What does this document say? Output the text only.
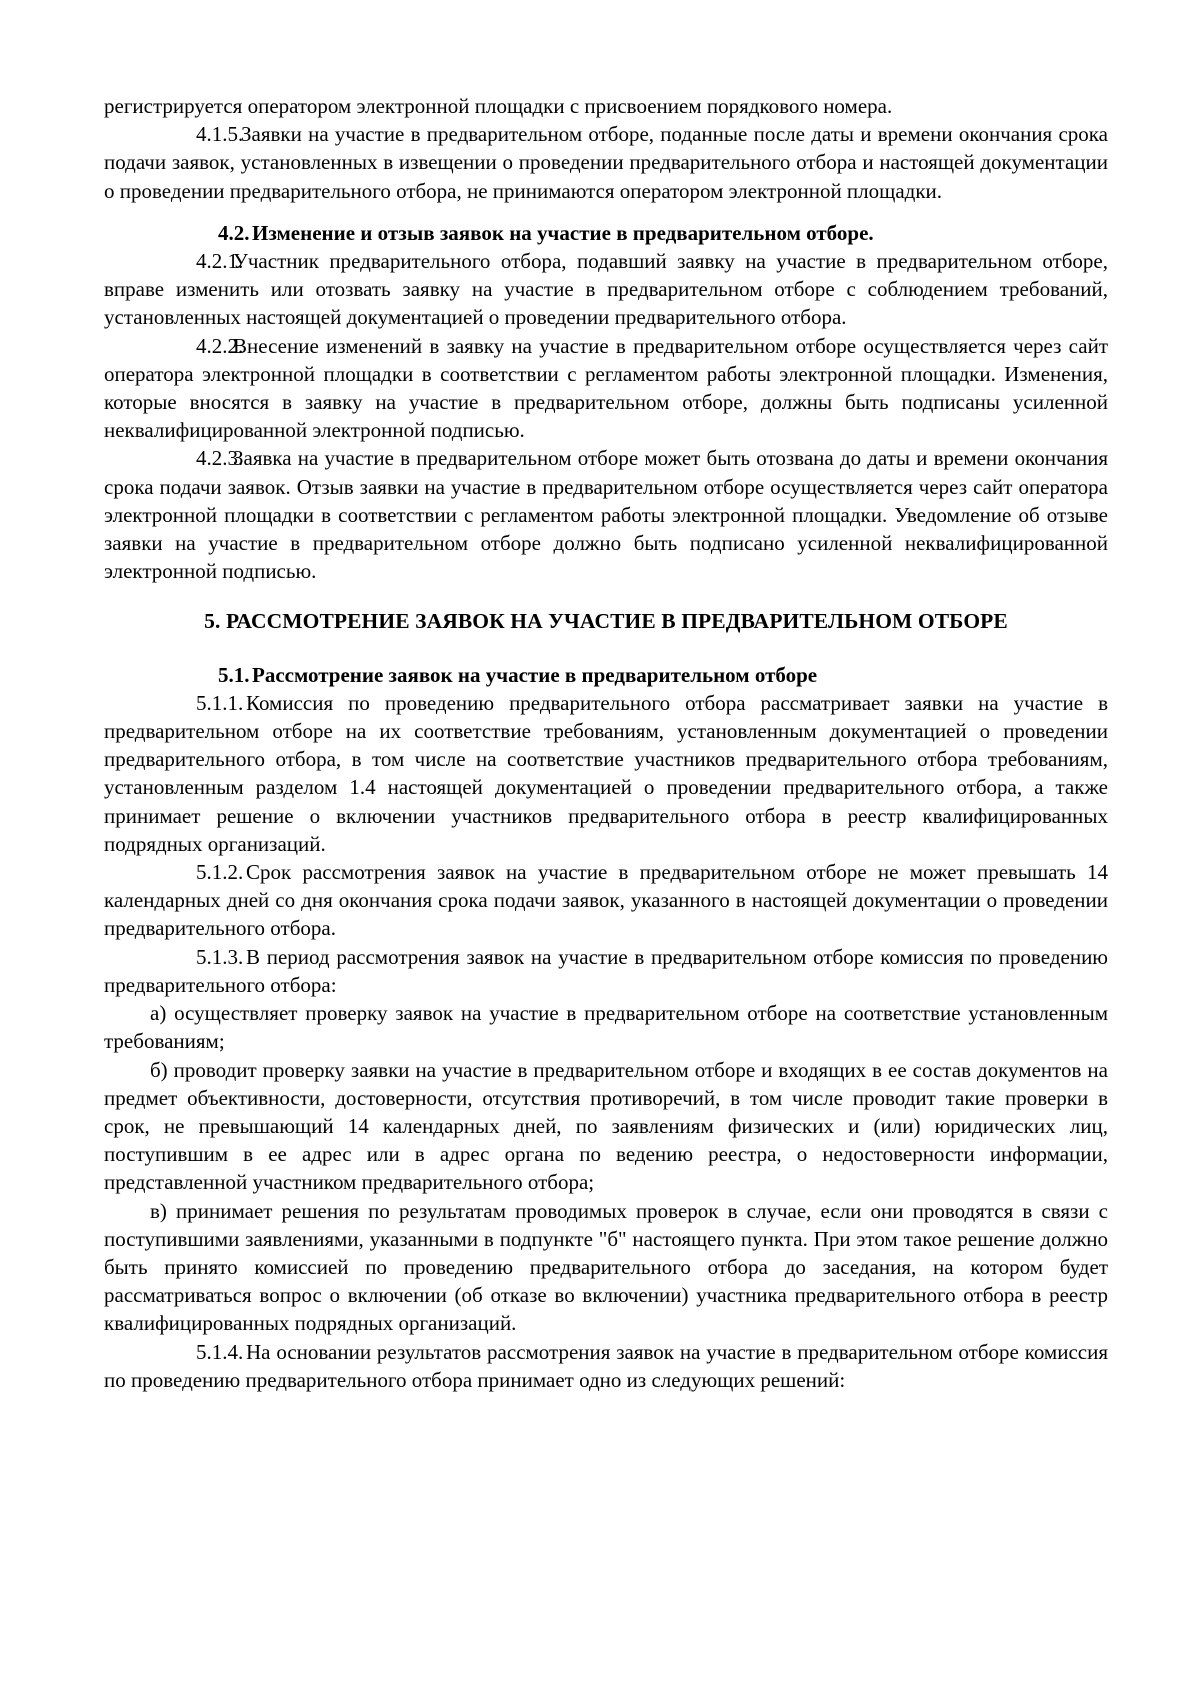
регистрируется оператором электронной площадки с присвоением порядкового номера.

4.1.5.Заявки на участие в предварительном отборе, поданные после даты и времени окончания срока подачи заявок, установленных в извещении о проведении предварительного отбора и настоящей документации о проведении предварительного отбора, не принимаются оператором электронной площадки.

4.2. Изменение и отзыв заявок на участие в предварительном отборе.

4.2.1.Участник предварительного отбора, подавший заявку на участие в предварительном отборе, вправе изменить или отозвать заявку на участие в предварительном отборе с соблюдением требований, установленных настоящей документацией о проведении предварительного отбора.

4.2.2.Внесение изменений в заявку на участие в предварительном отборе осуществляется через сайт оператора электронной площадки в соответствии с регламентом работы электронной площадки. Изменения, которые вносятся в заявку на участие в предварительном отборе, должны быть подписаны усиленной неквалифицированной электронной подписью.

4.2.3.Заявка на участие в предварительном отборе может быть отозвана до даты и времени окончания срока подачи заявок. Отзыв заявки на участие в предварительном отборе осуществляется через сайт оператора электронной площадки в соответствии с регламентом работы электронной площадки. Уведомление об отзыве заявки на участие в предварительном отборе должно быть подписано усиленной неквалифицированной электронной подписью.

5. РАССМОТРЕНИЕ ЗАЯВОК НА УЧАСТИЕ В ПРЕДВАРИТЕЛЬНОМ ОТБОРЕ

5.1. Рассмотрение заявок на участие в предварительном отборе

5.1.1. Комиссия по проведению предварительного отбора рассматривает заявки на участие в предварительном отборе на их соответствие требованиям, установленным документацией о проведении предварительного отбора, в том числе на соответствие участников предварительного отбора требованиям, установленным разделом 1.4 настоящей документацией о проведении предварительного отбора, а также принимает решение о включении участников предварительного отбора в реестр квалифицированных подрядных организаций.

5.1.2. Срок рассмотрения заявок на участие в предварительном отборе не может превышать 14 календарных дней со дня окончания срока подачи заявок, указанного в настоящей документации о проведении предварительного отбора.

5.1.3. В период рассмотрения заявок на участие в предварительном отборе комиссия по проведению предварительного отбора:

а) осуществляет проверку заявок на участие в предварительном отборе на соответствие установленным требованиям;

б) проводит проверку заявки на участие в предварительном отборе и входящих в ее состав документов на предмет объективности, достоверности, отсутствия противоречий, в том числе проводит такие проверки в срок, не превышающий 14 календарных дней, по заявлениям физических и (или) юридических лиц, поступившим в ее адрес или в адрес органа по ведению реестра, о недостоверности информации, представленной участником предварительного отбора;

в) принимает решения по результатам проводимых проверок в случае, если они проводятся в связи с поступившими заявлениями, указанными в подпункте "б" настоящего пункта. При этом такое решение должно быть принято комиссией по проведению предварительного отбора до заседания, на котором будет рассматриваться вопрос о включении (об отказе во включении) участника предварительного отбора в реестр квалифицированных подрядных организаций.

5.1.4. На основании результатов рассмотрения заявок на участие в предварительном отборе комиссия по проведению предварительного отбора принимает одно из следующих решений:
